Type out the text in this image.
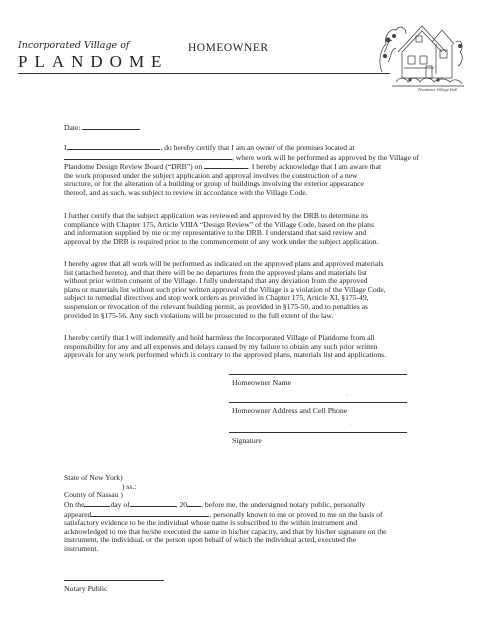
Incorporated Village of
PLANDOME
HOMEOWNER
Plandome Village Hall
Date:
I,	, do hereby certify that I am an owner of the premises located at
, where work will be performed as approved by the Village of
Plandome Design Review Board (“DRB”) on	. I hereby acknowledge that I am aware that
the work proposed under the subject application and approval involves the construction of a new
structure, or for the alteration of a building or group of buildings involving the exterior appearance
thereof, and as such, was subject to review in accordance with the Village Code.
I further certify that the subject application was reviewed and approved by the DRB to determine its
compliance with Chapter 175, Article VIIIA “Design Review” of the Village Code, based on the plans
and information supplied by me or my representative to the DRB. I understand that said review and
approval by the DRB is required prior to the commencement of any work under the subject application.
I hereby agree that all work will be performed as indicated on the approved plans and approved materials
list (attached hereto), and that there will be no departures from the approved plans and materials list
without prior written consent of the Village. I fully understand that any deviation from the approved
plans or materials list without such prior written approval of the Village is a violation of the Village Code,
subject to remedial directives and stop work orders as provided in Chapter 175, Article XI, §175-49,
suspension or revocation of the relevant building permit, as provided in §175-50, and to penalties as
provided in §175-56. Any such violations will be prosecuted to the full extent of the law.
I hereby certify that I will indemnify and hold harmless the Incorporated Village of Plandome from all
responsibility for any and all expenses and delays caused by my failure to obtain any such prior written
approvals for any work performed which is contrary to the approved plans, materials list and applications.
Homeowner Name
’
Homeowner Address and Cell Phone
‘
Signature
State of New York)
) ss.:
County of Nassau )
On the	day of	, 20 , before me, the undersigned notary public, personally
appeared	, personally known to me or proved to me on the basis of
satisfactory evidence to be the individual whose name is subscribed to the within instrument and
acknowledged to me that he/she executed the same in his/her capacity, and that by his/her signature on the
instrument, the individual, or the person upon behalf of which the individual acted, executed the
instrument.
Notary Public
